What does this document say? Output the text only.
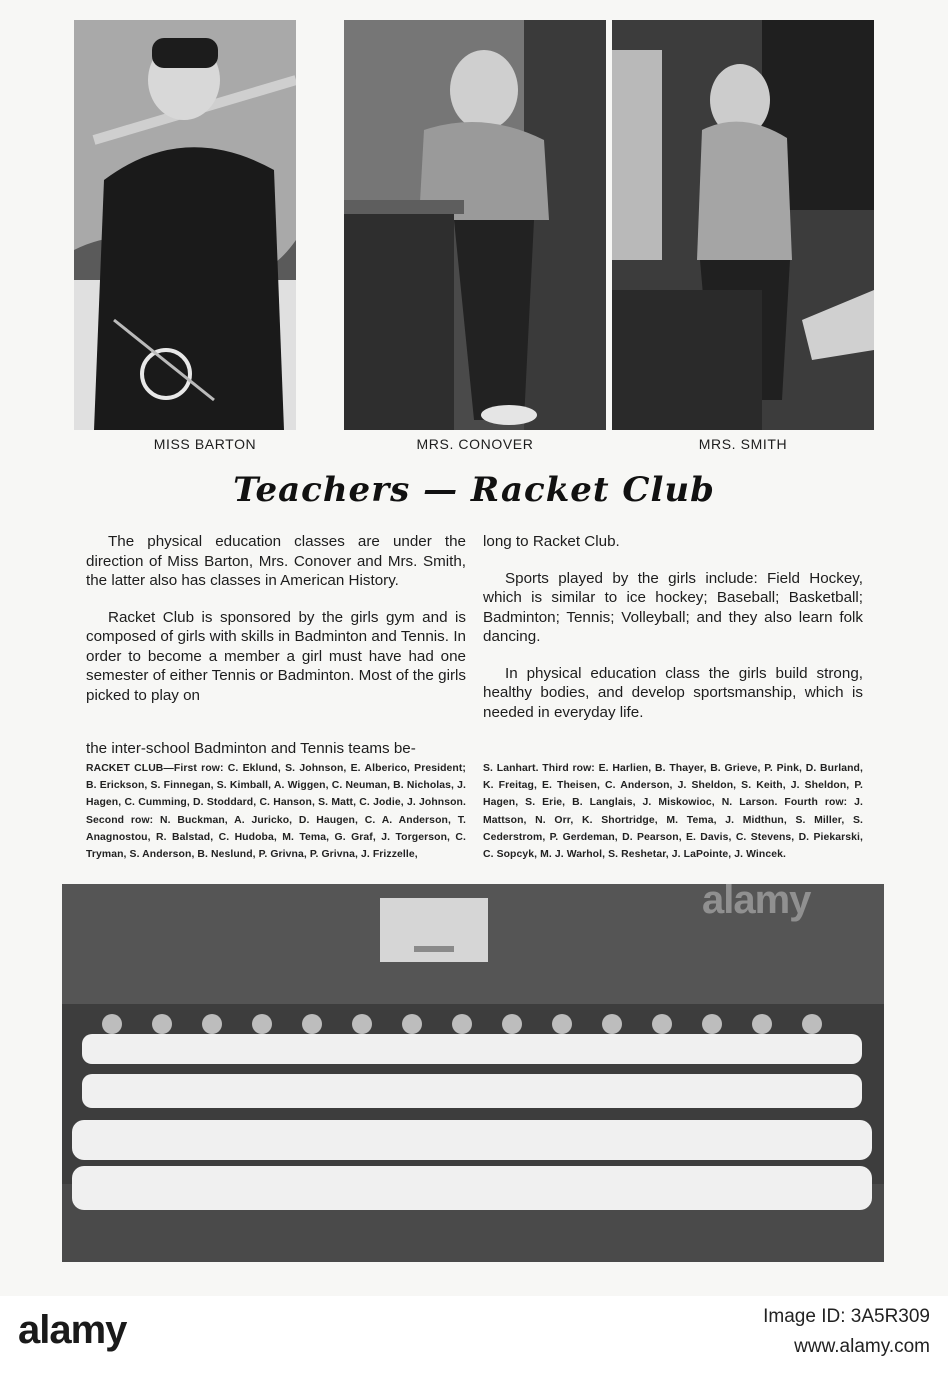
MISS BARTON	MRS. CONOVER	MRS. SMITH
Teachers — Racket Club

The physical education classes are under the direction of Miss Barton, Mrs. Conover and Mrs. Smith, the latter also has classes in American History.

Racket Club is sponsored by the girls gym and is composed of girls with skills in Badminton and Tennis. In order to become a member a girl must have had one semester of either Tennis or Badminton. Most of the girls picked to play on

the inter-school Badminton and Tennis teams be-

long to Racket Club.

Sports played by the girls include: Field Hockey, which is similar to ice hockey; Baseball; Basketball; Badminton; Tennis; Volleyball; and they also learn folk dancing.

In physical education class the girls build strong, healthy bodies, and develop sportsmanship, which is needed in everyday life.

RACKET CLUB—First row: C. Eklund, S. Johnson, E. Alberico, President; B. Erickson, S. Finnegan, S. Kimball, A. Wiggen, C. Neuman, B. Nicholas, J. Hagen, C. Cumming, D. Stoddard, C. Hanson, S. Matt, C. Jodie, J. Johnson. Second row: N. Buckman, A. Juricko, D. Haugen, C. A. Anderson, T. Anagnostou, R. Balstad, C. Hudoba, M. Tema, G. Graf, J. Torgerson, C. Tryman, S. Anderson, B. Neslund, P. Grivna, P. Grivna, J. Frizzelle,
S. Lanhart. Third row: E. Harlien, B. Thayer, B. Grieve, P. Pink, D. Burland, K. Freitag, E. Theisen, C. Anderson, J. Sheldon, S. Keith, J. Sheldon, P. Hagen, S. Erie, B. Langlais, J. Miskowioc, N. Larson. Fourth row: J. Mattson, N. Orr, K. Shortridge, M. Tema, J. Midthun, S. Miller, S. Cederstrom, P. Gerdeman, D. Pearson, E. Davis, C. Stevens, D. Piekarski, C. Sopcyk, M. J. Warhol, S. Reshetar, J. LaPointe, J. Wincek.
alamy
alamy	Image ID: 3A5R309
www.alamy.com
